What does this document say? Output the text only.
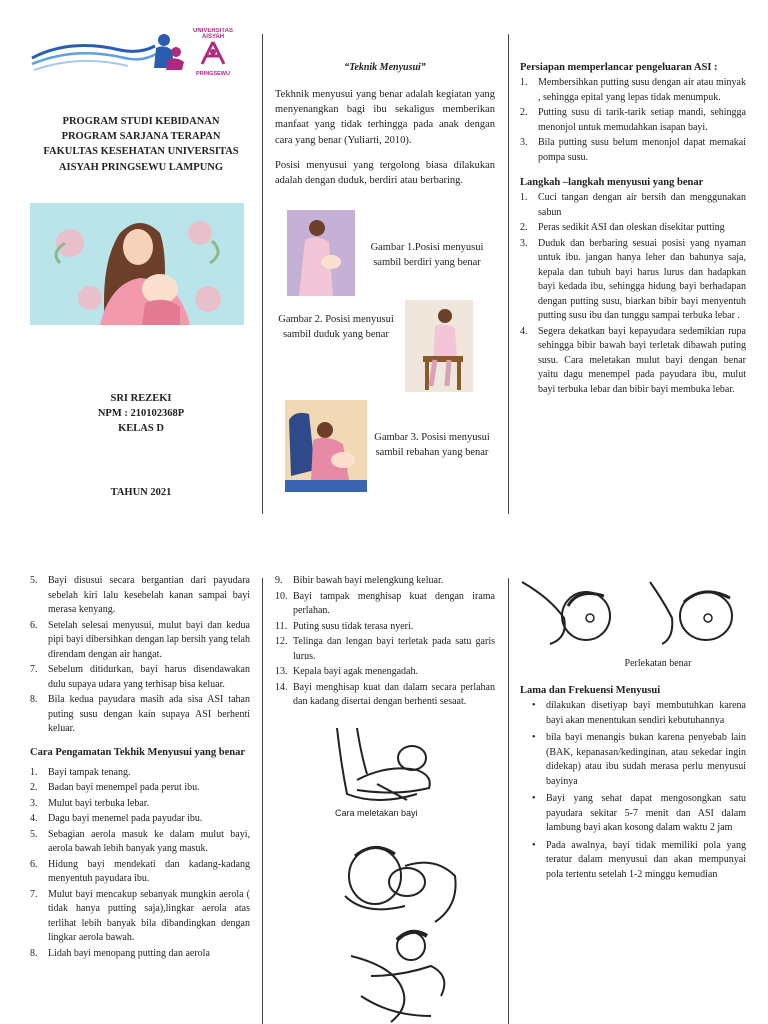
UNIVERSITAS
AISYAH
PRINGSEWU
PROGRAM STUDI KEBIDANAN
PROGRAM SARJANA TERAPAN
FAKULTAS KESEHATAN UNIVERSITAS
AISYAH PRINGSEWU LAMPUNG
SRI REZEKI
NPM : 210102368P
KELAS D
TAHUN 2021
“Teknik Menyusui”

Tekhnik menyusui yang benar adalah kegiatan yang menyenangkan bagi ibu sekaligus memberikan manfaat yang tidak terhingga pada anak dengan cara yang benar (Yuliarti, 2010).

Posisi menyusui yang tergolong biasa dilakukan adalah dengan duduk, berdiri atau berbaring.

Gambar 1.Posisi menyusui sambil berdiri yang benar
Gambar 2. Posisi menyusui sambil duduk yang benar
Gambar 3. Posisi menyusui sambil rebahan yang benar
Persiapan memperlancar pengeluaran ASI :
1. Membersihkan putting susu dengan air atau minyak , sehingga epital yang lepas tidak menumpuk.
2. Putting susu di tarik-tarik setiap mandi, sehingga menonjol untuk memudahkan isapan bayi.
3. Bila putting susu belum menonjol dapat memakai pompa susu.
Langkah –langkah menyusui yang benar
1. Cuci tangan dengan air bersih dan menggunakan sabun
2. Peras sedikit ASI dan oleskan disekitar putting
3. Duduk dan berbaring sesuai posisi yang nyaman untuk ibu. jangan hanya leher dan bahunya saja, kepala dan tubuh bayi harus lurus dan hadapkan bayi kedada ibu, sehingga hidung bayi berhadapan dengan putting susu, biarkan bibir bayi menyentuh putting susu ibu dan tunggu sampai terbuka lebar .
4. Segera dekatkan bayi kepayudara sedemikian rupa sehingga bibir bawah bayi terletak dibawah puting susu. Cara meletakan mulut bayi dengan benar yaitu dagu menempel pada payudara ibu, mulut bayi terbuka lebar dan bibir bayi membuka lebar.
5. Bayi disusui secara bergantian dari payudara sebelah kiri lalu kesebelah kanan sampai bayi merasa kenyang.
6. Setelah selesai menyusui, mulut bayi dan kedua pipi bayi dibersihkan dengan lap bersih yang telah direndam dengan air hangat.
7. Sebelum ditidurkan, bayi harus disendawakan dulu supaya udara yang terhisap bisa keluar.
8. Bila kedua payudara masih ada sisa ASI tahan puting susu dengan kain supaya ASI berhenti keluar.
Cara Pengamatan Tekhik Menyusui yang benar
1. Bayi tampak tenang.
2. Badan bayi menempel pada perut ibu.
3. Mulut bayi terbuka lebar.
4. Dagu bayi menemel pada payudar ibu.
5. Sebagian aerola masuk ke dalam mulut bayi, aerola bawah lebih banyak yang masuk.
6. Hidung bayi mendekati dan kadang-kadang menyentuh payudara ibu.
7. Mulut bayi mencakup sebanyak mungkin aerola ( tidak hanya putting saja),lingkar aerola atas terlihat lebih banyak bila dibandingkan dengan lingkar aerola bawah.
8. Lidah bayi menopang putting dan aerola
9. Bibir bawah bayi melengkung keluar.
10. Bayi tampak menghisap kuat dengan irama perlahan.
11. Puting susu tidak terasa nyeri.
12. Telinga dan lengan bayi terletak pada satu garis lurus.
13. Kepala bayi agak menengadah.
14. Bayi menghisap kuat dan dalam secara perlahan dan kadang disertai dengan berhenti sesaat.
Cara meletakan bayi
Perlekatan benar
Lama dan Frekuensi Menyusui
• dilakukan disetiyap bayi membutuhkan karena bayi akan menentukan sendiri kebutuhannya
• bila bayi menangis bukan karena penyebab lain (BAK, kepanasan/kedinginan, atau sekedar ingin didekap) atau ibu sudah merasa perlu menyusui bayinya
• Bayi yang sehat dapat mengosongkan satu payudara sekitar 5-7 menit dan ASI dalam lambung bayi akan kosong dalam waktu 2 jam
• Pada awalnya, bayi tidak memiliki pola yang teratur dalam menyusui dan akan mempunyai pola tertentu setelah 1-2 minggu kemudian
